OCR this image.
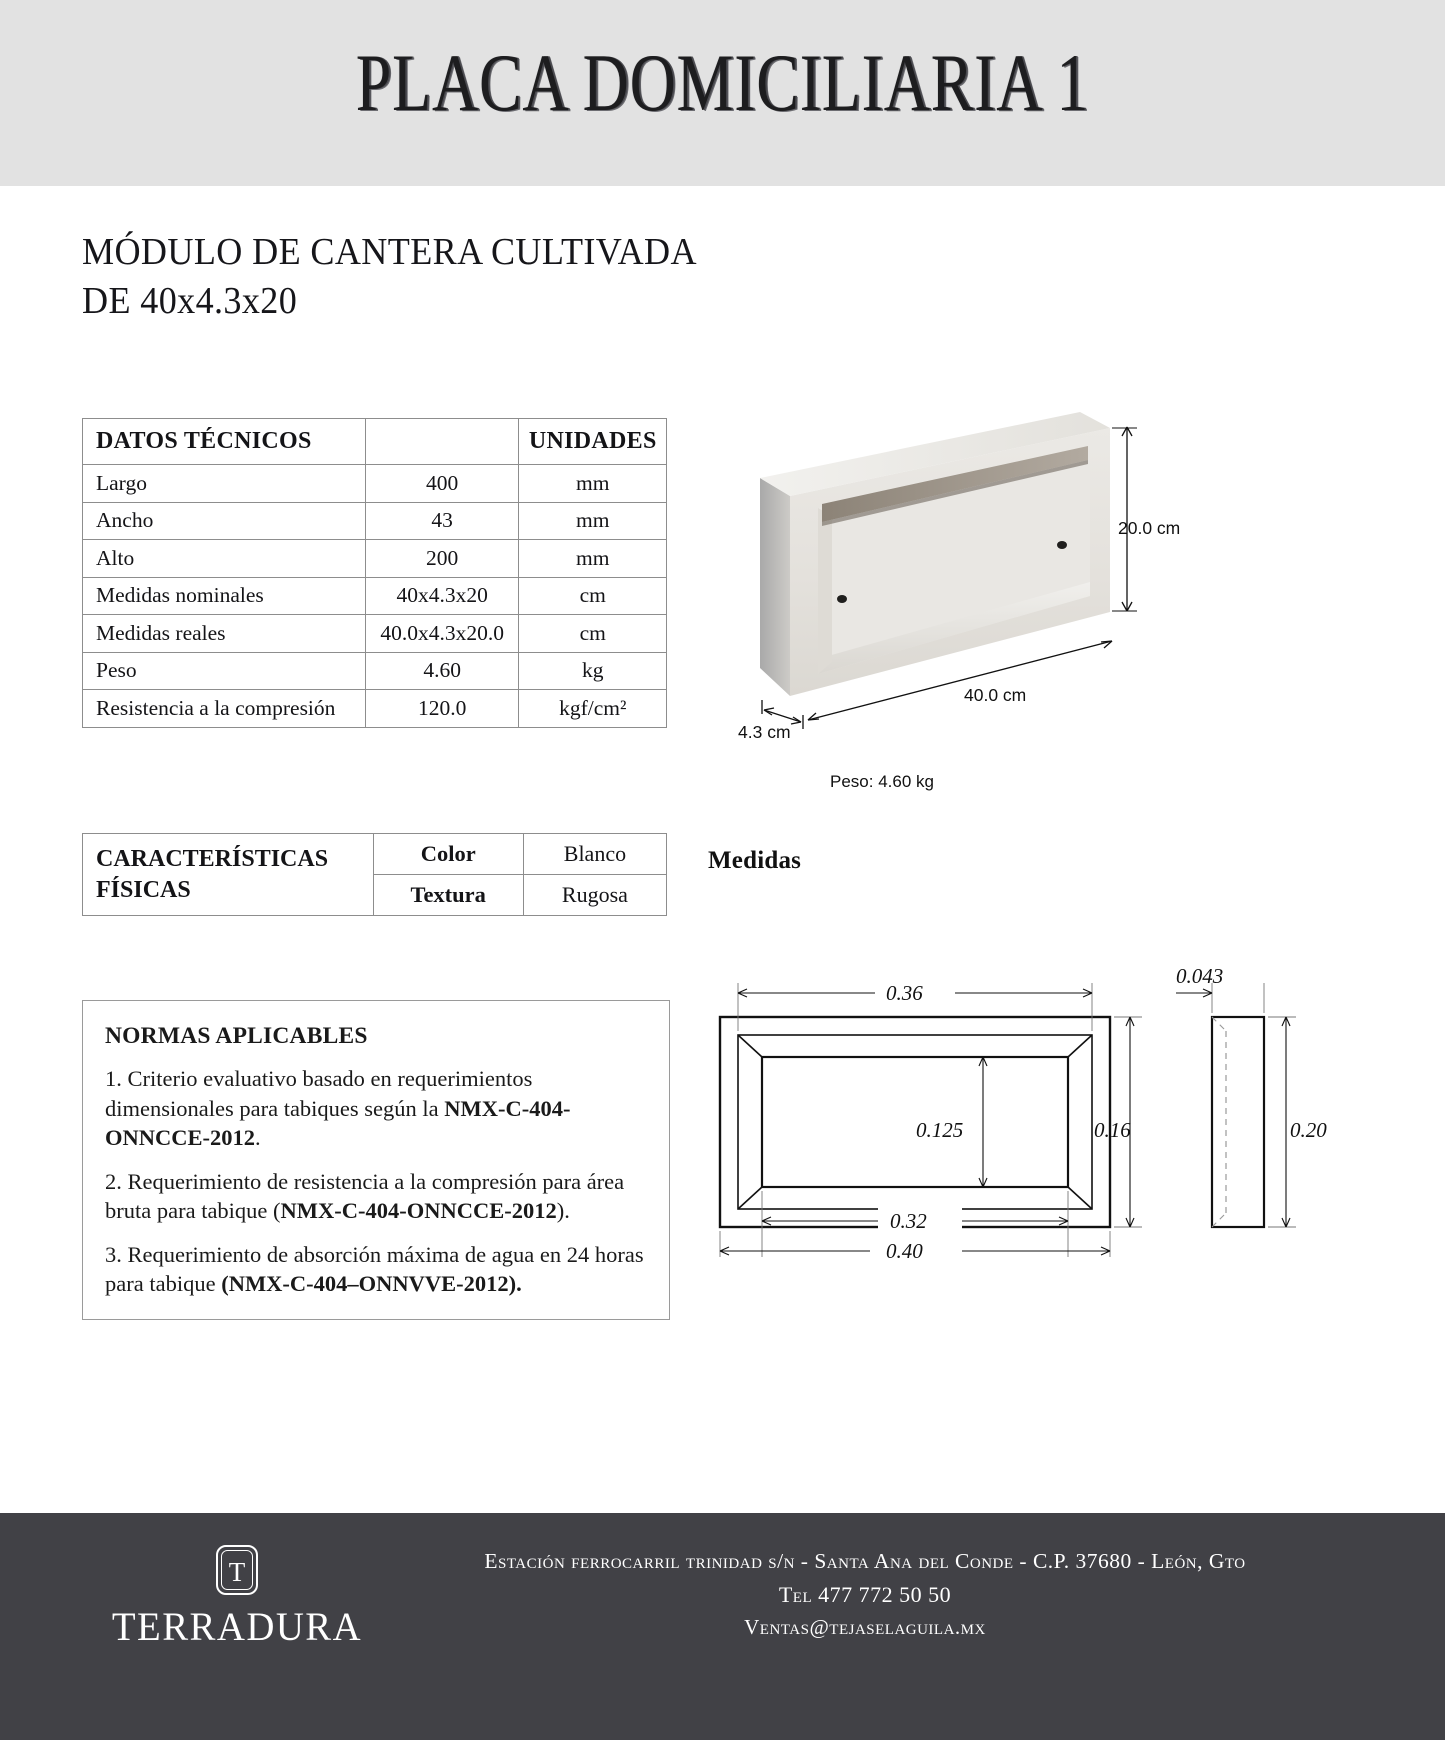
PLACA DOMICILIARIA 1
MÓDULO DE CANTERA CULTIVADA
DE 40x4.3x20
DATOS TÉCNICOS		UNIDADES
Largo	400	mm
Ancho	43	mm
Alto	200	mm
Medidas nominales	40x4.3x20	cm
Medidas reales	40.0x4.3x20.0	cm
Peso	4.60	kg
Resistencia a la compresión	120.0	kgf/cm²
CARACTERÍSTICAS
FÍSICAS	Color	Blanco
	Textura	Rugosa
NORMAS APLICABLES

1. Criterio evaluativo basado en requerimientos dimensionales para tabiques según la NMX-C-404-ONNCCE-2012.

2. Requerimiento de resistencia a la compresión para área bruta para tabique (NMX-C-404-ONNCCE-2012).

3. Requerimiento de absorción máxima de agua en 24 horas para tabique (NMX-C-404–ONNVVE-2012).

20.0 cm
40.0 cm
4.3 cm
Peso: 4.60 kg
Medidas
0.36
0.40
0.32
0.125	0.16
0.043
0.20
T
TERRADURA
Estación ferrocarril trinidad s/n - Santa Ana del Conde - C.P. 37680 - León, Gto
Tel 477 772 50 50
Ventas@tejaselaguila.mx
